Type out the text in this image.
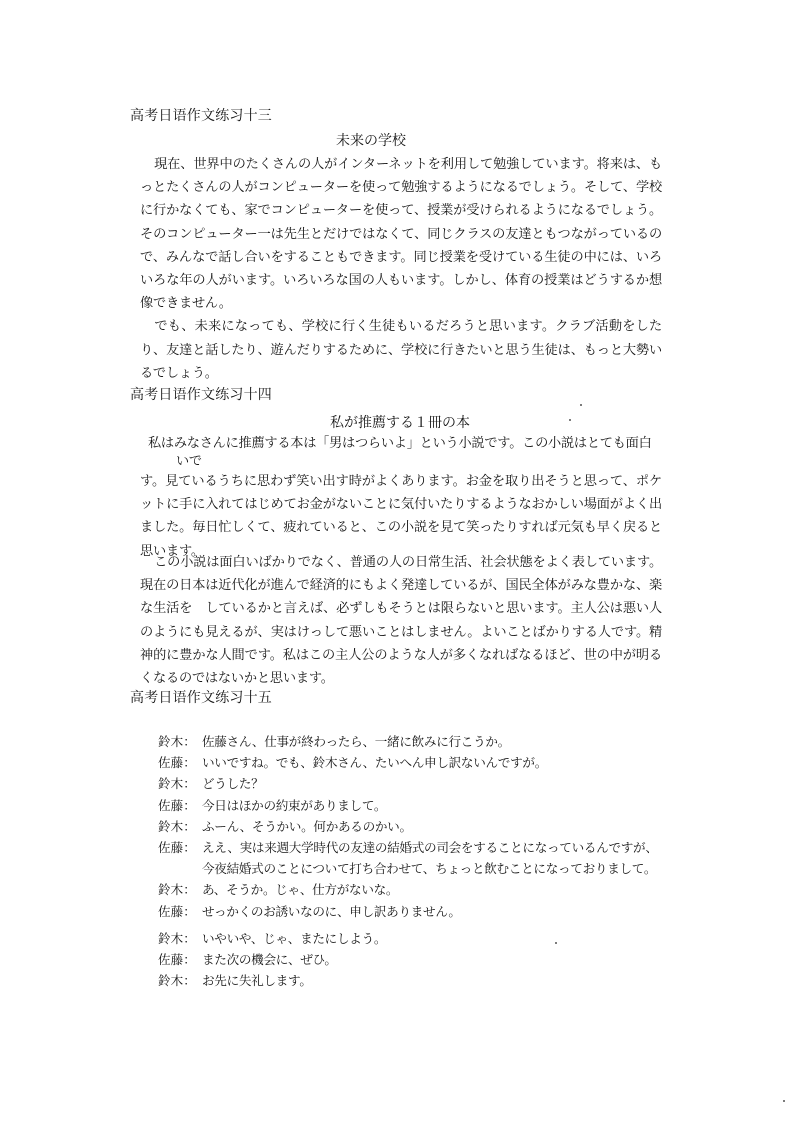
高考日语作文练习十三
未来の学校
現在、世界中のたくさんの人がインターネットを利用して勉強しています。将来は、もっとたくさんの人がコンピューターを使って勉強するようになるでしょう。そして、学校に行かなくても、家でコンピューターを使って、授業が受けられるようになるでしょう。そのコンピューター一は先生とだけではなくて、同じクラスの友達ともつながっているので、みんなで話し合いをすることもできます。同じ授業を受けている生徒の中には、いろいろな年の人がいます。いろいろな国の人もいます。しかし、体育の授業はどうするか想像できません。
でも、未来になっても、学校に行く生徒もいるだろうと思います。クラブ活動をしたり、友達と話したり、遊んだりするために、学校に行きたいと思う生徒は、もっと大勢いるでしょう。
高考日语作文练习十四
私が推薦する１冊の本
私はみなさんに推薦する本は「男はつらいよ」という小説です。この小説はとても面白
いで
す。見ているうちに思わず笑い出す時がよくあります。お金を取り出そうと思って、ポケットに手に入れてはじめてお金がないことに気付いたりするようなおかしい場面がよく出ました。毎日忙しくて、疲れていると、この小説を見て笑ったりすれば元気も早く戻ると思います。
この小説は面白いばかりでなく、普通の人の日常生活、社会状態をよく表しています。現在の日本は近代化が進んで経済的にもよく発達しているが、国民全体がみな豊かな、楽な生活を　しているかと言えば、必ずしもそうとは限らないと思います。主人公は悪い人のようにも見えるが、実はけっして悪いことはしません。よいことばかりする人です。精神的に豊かな人間です。私はこの主人公のような人が多くなればなるほど、世の中が明るくなるのではないかと思います。
高考日语作文练习十五
鈴木： 佐藤さん、仕事が終わったら、一緒に飲みに行こうか。
佐藤： いいですね。でも、鈴木さん、たいへん申し訳ないんですが。
鈴木： どうした？
佐藤： 今日はほかの約束がありまして。
鈴木： ふーん、そうかい。何かあるのかい。
佐藤： ええ、実は来週大学時代の友達の結婚式の司会をすることになっているんですが、今夜結婚式のことについて打ち合わせて、ちょっと飲むことになっておりまして。
鈴木： あ、そうか。じゃ、仕方がないな。
佐藤： せっかくのお誘いなのに、申し訳ありません。
鈴木： いやいや、じゃ、またにしよう。
佐藤： また次の機会に、ぜひ。
鈴木： お先に失礼します。
